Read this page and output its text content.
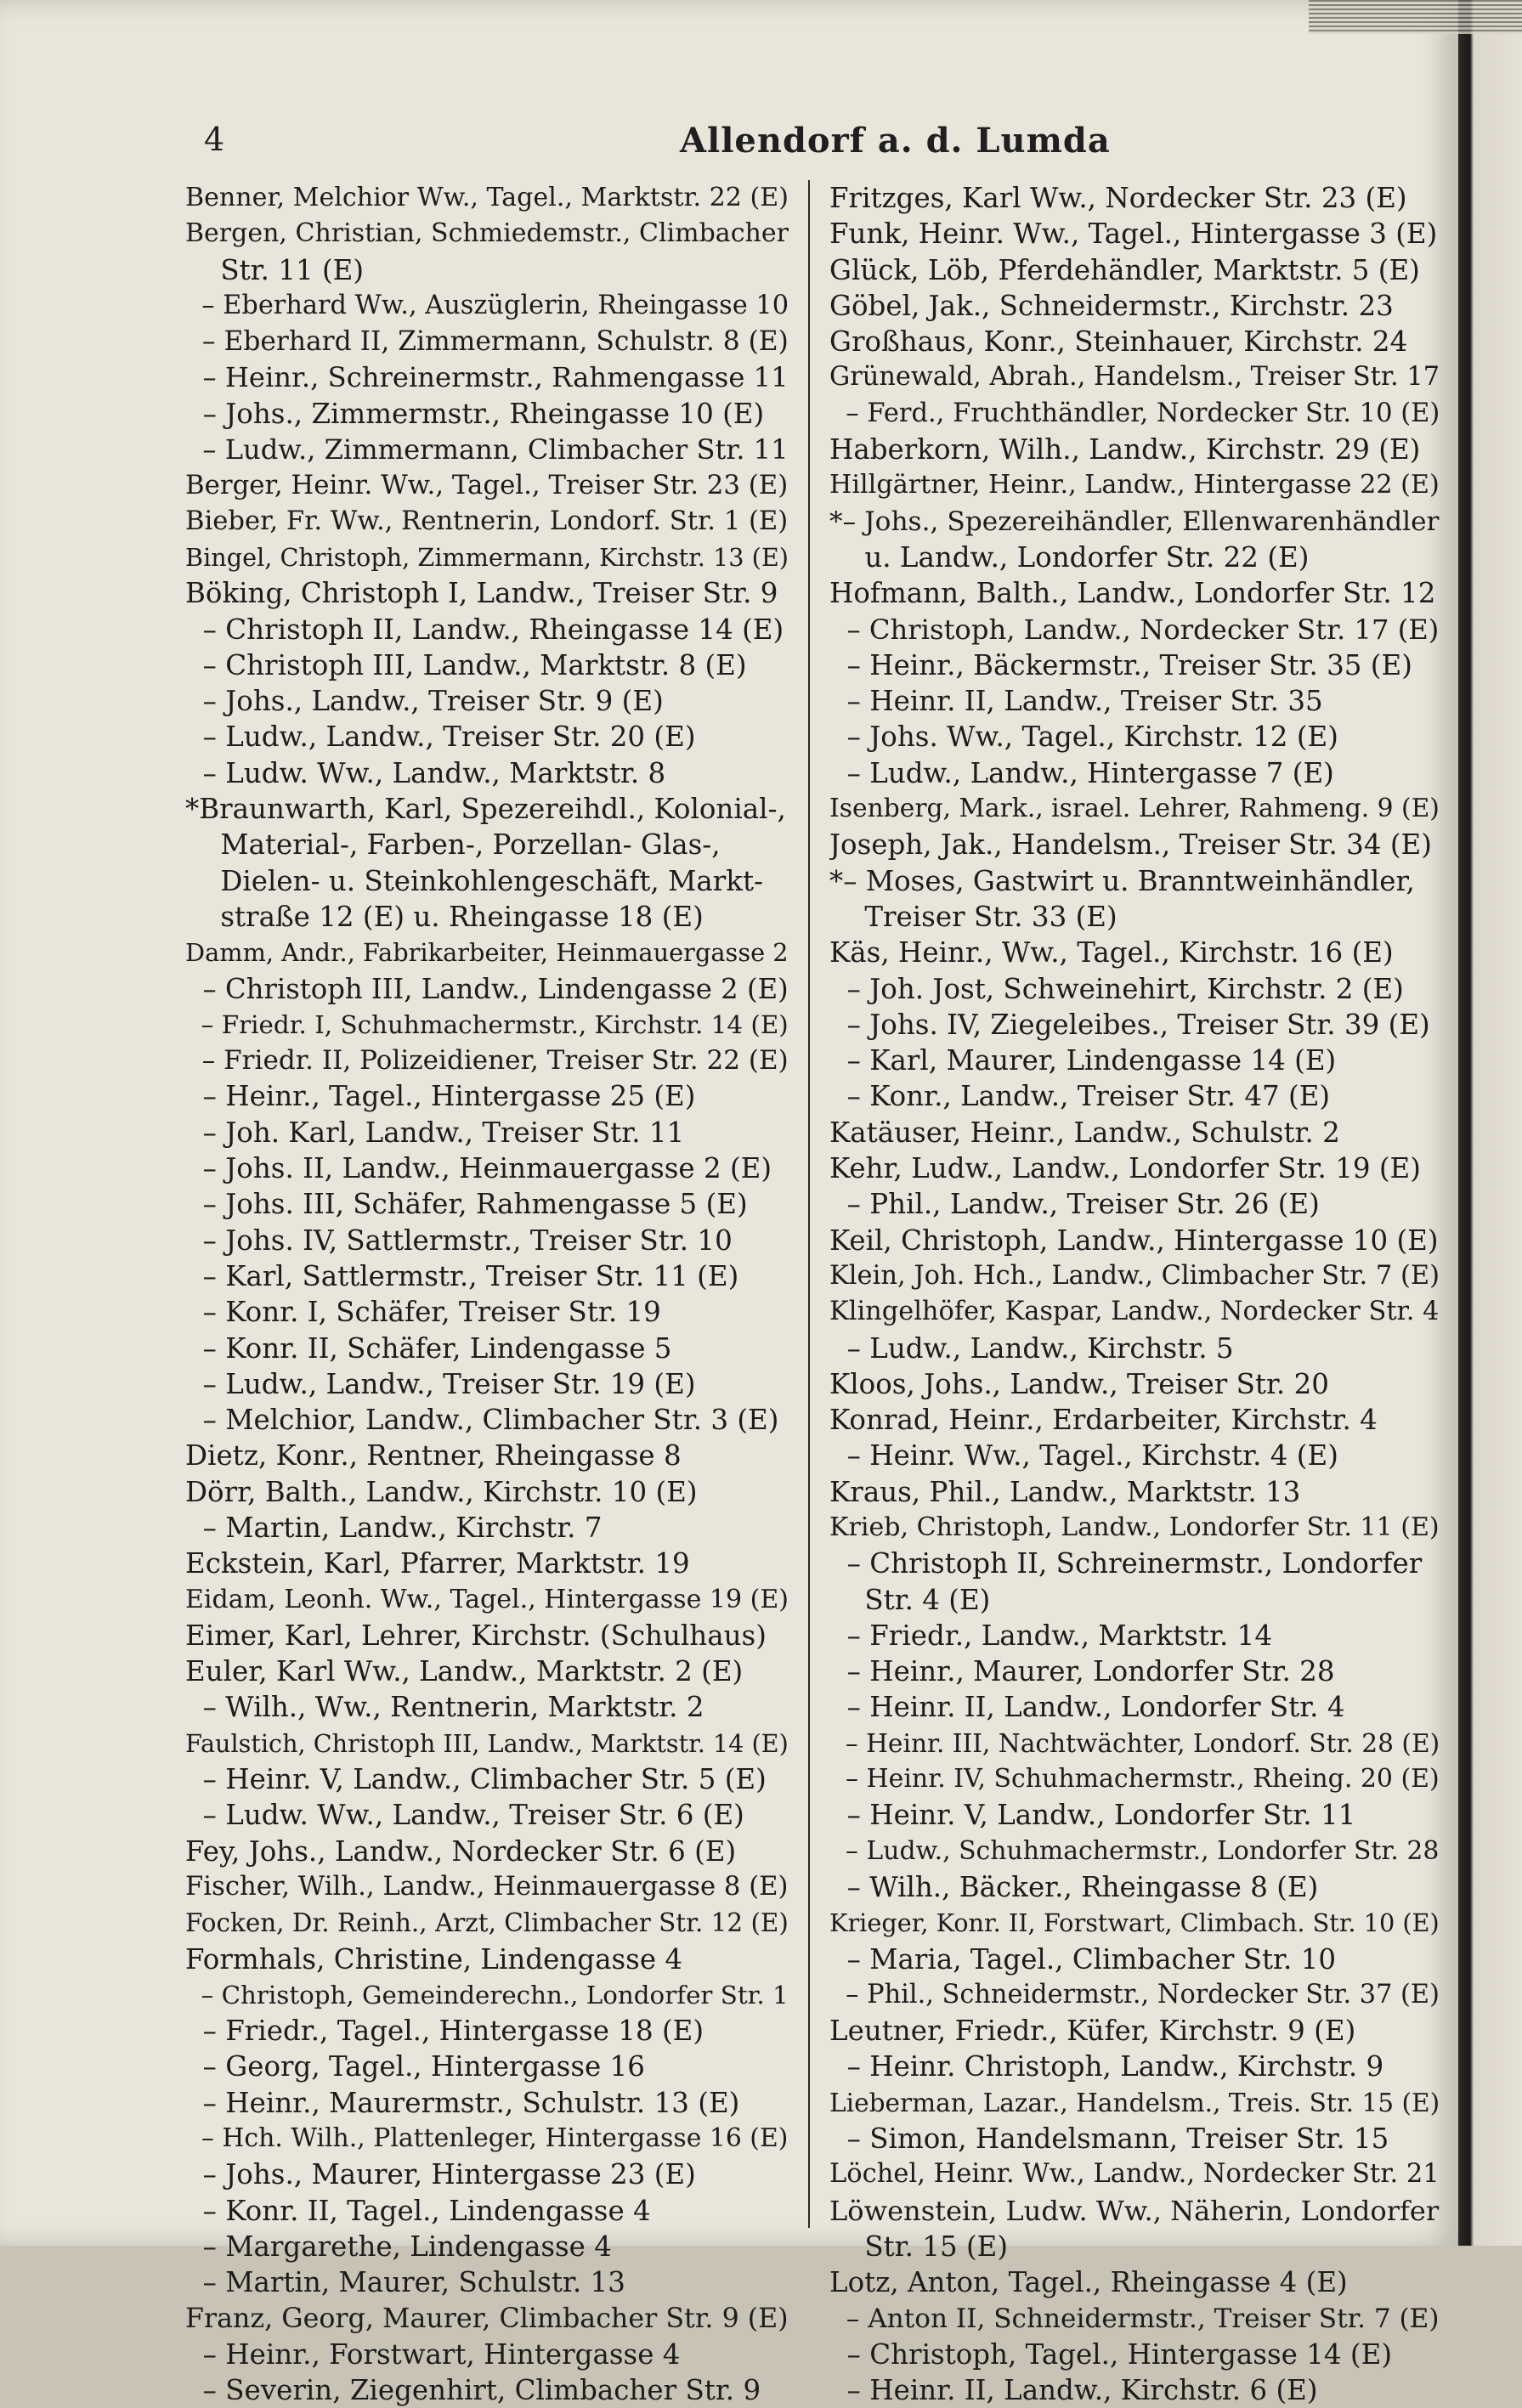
4	Allendorf a. d. Lumda
Benner, Melchior Ww., Tagel., Marktstr. 22 (E)
Bergen, Christian, Schmiedemstr., Climbacher
Str. 11 (E)
– Eberhard Ww., Auszüglerin, Rheingasse 10
– Eberhard II, Zimmermann, Schulstr. 8 (E)
– Heinr., Schreinermstr., Rahmengasse 11
– Johs., Zimmermstr., Rheingasse 10 (E)
– Ludw., Zimmermann, Climbacher Str. 11
Berger, Heinr. Ww., Tagel., Treiser Str. 23 (E)
Bieber, Fr. Ww., Rentnerin, Londorf. Str. 1 (E)
Bingel, Christoph, Zimmermann, Kirchstr. 13 (E)
Böking, Christoph I, Landw., Treiser Str. 9
– Christoph II, Landw., Rheingasse 14 (E)
– Christoph III, Landw., Marktstr. 8 (E)
– Johs., Landw., Treiser Str. 9 (E)
– Ludw., Landw., Treiser Str. 20 (E)
– Ludw. Ww., Landw., Marktstr. 8
*Braunwarth, Karl, Spezereihdl., Kolonial-,
Material-, Farben-, Porzellan- Glas-,
Dielen- u. Steinkohlengeschäft, Markt-
straße 12 (E) u. Rheingasse 18 (E)
Damm, Andr., Fabrikarbeiter, Heinmauergasse 2
– Christoph III, Landw., Lindengasse 2 (E)
– Friedr. I, Schuhmachermstr., Kirchstr. 14 (E)
– Friedr. II, Polizeidiener, Treiser Str. 22 (E)
– Heinr., Tagel., Hintergasse 25 (E)
– Joh. Karl, Landw., Treiser Str. 11
– Johs. II, Landw., Heinmauergasse 2 (E)
– Johs. III, Schäfer, Rahmengasse 5 (E)
– Johs. IV, Sattlermstr., Treiser Str. 10
– Karl, Sattlermstr., Treiser Str. 11 (E)
– Konr. I, Schäfer, Treiser Str. 19
– Konr. II, Schäfer, Lindengasse 5
– Ludw., Landw., Treiser Str. 19 (E)
– Melchior, Landw., Climbacher Str. 3 (E)
Dietz, Konr., Rentner, Rheingasse 8
Dörr, Balth., Landw., Kirchstr. 10 (E)
– Martin, Landw., Kirchstr. 7
Eckstein, Karl, Pfarrer, Marktstr. 19
Eidam, Leonh. Ww., Tagel., Hintergasse 19 (E)
Eimer, Karl, Lehrer, Kirchstr. (Schulhaus)
Euler, Karl Ww., Landw., Marktstr. 2 (E)
– Wilh., Ww., Rentnerin, Marktstr. 2
Faulstich, Christoph III, Landw., Marktstr. 14 (E)
– Heinr. V, Landw., Climbacher Str. 5 (E)
– Ludw. Ww., Landw., Treiser Str. 6 (E)
Fey, Johs., Landw., Nordecker Str. 6 (E)
Fischer, Wilh., Landw., Heinmauergasse 8 (E)
Focken, Dr. Reinh., Arzt, Climbacher Str. 12 (E)
Formhals, Christine, Lindengasse 4
– Christoph, Gemeinderechn., Londorfer Str. 1
– Friedr., Tagel., Hintergasse 18 (E)
– Georg, Tagel., Hintergasse 16
– Heinr., Maurermstr., Schulstr. 13 (E)
– Hch. Wilh., Plattenleger, Hintergasse 16 (E)
– Johs., Maurer, Hintergasse 23 (E)
– Konr. II, Tagel., Lindengasse 4
– Margarethe, Lindengasse 4
– Martin, Maurer, Schulstr. 13
Franz, Georg, Maurer, Climbacher Str. 9 (E)
– Heinr., Forstwart, Hintergasse 4
– Severin, Ziegenhirt, Climbacher Str. 9
Fritzges, Karl Ww., Nordecker Str. 23 (E)
Funk, Heinr. Ww., Tagel., Hintergasse 3 (E)
Glück, Löb, Pferdehändler, Marktstr. 5 (E)
Göbel, Jak., Schneidermstr., Kirchstr. 23
Großhaus, Konr., Steinhauer, Kirchstr. 24
Grünewald, Abrah., Handelsm., Treiser Str. 17
– Ferd., Fruchthändler, Nordecker Str. 10 (E)
Haberkorn, Wilh., Landw., Kirchstr. 29 (E)
Hillgärtner, Heinr., Landw., Hintergasse 22 (E)
*– Johs., Spezereihändler, Ellenwarenhändler
u. Landw., Londorfer Str. 22 (E)
Hofmann, Balth., Landw., Londorfer Str. 12
– Christoph, Landw., Nordecker Str. 17 (E)
– Heinr., Bäckermstr., Treiser Str. 35 (E)
– Heinr. II, Landw., Treiser Str. 35
– Johs. Ww., Tagel., Kirchstr. 12 (E)
– Ludw., Landw., Hintergasse 7 (E)
Isenberg, Mark., israel. Lehrer, Rahmeng. 9 (E)
Joseph, Jak., Handelsm., Treiser Str. 34 (E)
*– Moses, Gastwirt u. Branntweinhändler,
Treiser Str. 33 (E)
Käs, Heinr., Ww., Tagel., Kirchstr. 16 (E)
– Joh. Jost, Schweinehirt, Kirchstr. 2 (E)
– Johs. IV, Ziegeleibes., Treiser Str. 39 (E)
– Karl, Maurer, Lindengasse 14 (E)
– Konr., Landw., Treiser Str. 47 (E)
Katäuser, Heinr., Landw., Schulstr. 2
Kehr, Ludw., Landw., Londorfer Str. 19 (E)
– Phil., Landw., Treiser Str. 26 (E)
Keil, Christoph, Landw., Hintergasse 10 (E)
Klein, Joh. Hch., Landw., Climbacher Str. 7 (E)
Klingelhöfer, Kaspar, Landw., Nordecker Str. 4
– Ludw., Landw., Kirchstr. 5
Kloos, Johs., Landw., Treiser Str. 20
Konrad, Heinr., Erdarbeiter, Kirchstr. 4
– Heinr. Ww., Tagel., Kirchstr. 4 (E)
Kraus, Phil., Landw., Marktstr. 13
Krieb, Christoph, Landw., Londorfer Str. 11 (E)
– Christoph II, Schreinermstr., Londorfer
Str. 4 (E)
– Friedr., Landw., Marktstr. 14
– Heinr., Maurer, Londorfer Str. 28
– Heinr. II, Landw., Londorfer Str. 4
– Heinr. III, Nachtwächter, Londorf. Str. 28 (E)
– Heinr. IV, Schuhmachermstr., Rheing. 20 (E)
– Heinr. V, Landw., Londorfer Str. 11
– Ludw., Schuhmachermstr., Londorfer Str. 28
– Wilh., Bäcker., Rheingasse 8 (E)
Krieger, Konr. II, Forstwart, Climbach. Str. 10 (E)
– Maria, Tagel., Climbacher Str. 10
– Phil., Schneidermstr., Nordecker Str. 37 (E)
Leutner, Friedr., Küfer, Kirchstr. 9 (E)
– Heinr. Christoph, Landw., Kirchstr. 9
Lieberman, Lazar., Handelsm., Treis. Str. 15 (E)
– Simon, Handelsmann, Treiser Str. 15
Löchel, Heinr. Ww., Landw., Nordecker Str. 21
Löwenstein, Ludw. Ww., Näherin, Londorfer
Str. 15 (E)
Lotz, Anton, Tagel., Rheingasse 4 (E)
– Anton II, Schneidermstr., Treiser Str. 7 (E)
– Christoph, Tagel., Hintergasse 14 (E)
– Heinr. II, Landw., Kirchstr. 6 (E)
